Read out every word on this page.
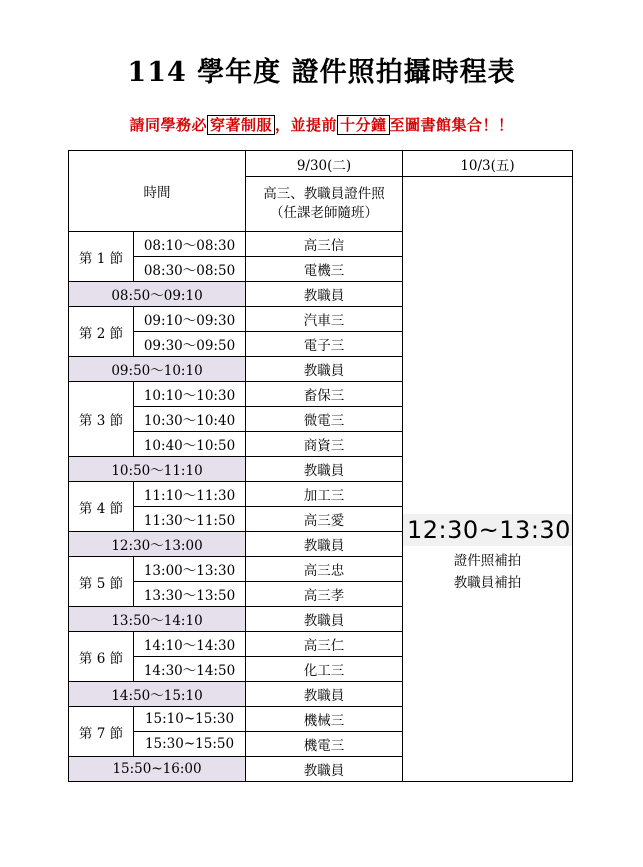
114 學年度 證件照拍攝時程表
請同學務必 穿著制服 ，並提前 十分鐘 至圖書館集合！！
時間		9/30(二)	10/3(五)
		高三、教職員證件照（任課老師隨班）	12:30~13:30
證件照補拍
教職員補拍

第 1 節	08:10～08:30	高三信	
	08:30～08:50	電機三	
08:50～09:10		教職員	
第 2 節	09:10～09:30	汽車三	
	09:30～09:50	電子三	
09:50～10:10		教職員	
第 3 節	10:10～10:30	畜保三	
	10:30～10:40	微電三	
	10:40～10:50	商資三	
10:50～11:10		教職員	
第 4 節	11:10～11:30	加工三	
	11:30～11:50	高三愛	
12:30～13:00		教職員	
第 5 節	13:00～13:30	高三忠	
	13:30～13:50	高三孝	
13:50～14:10		教職員	
第 6 節	14:10～14:30	高三仁	
	14:30～14:50	化工三	
14:50～15:10		教職員	
第 7 節	15:10~15:30	機械三	
	15:30~15:50	機電三	
15:50~16:00		教職員	
